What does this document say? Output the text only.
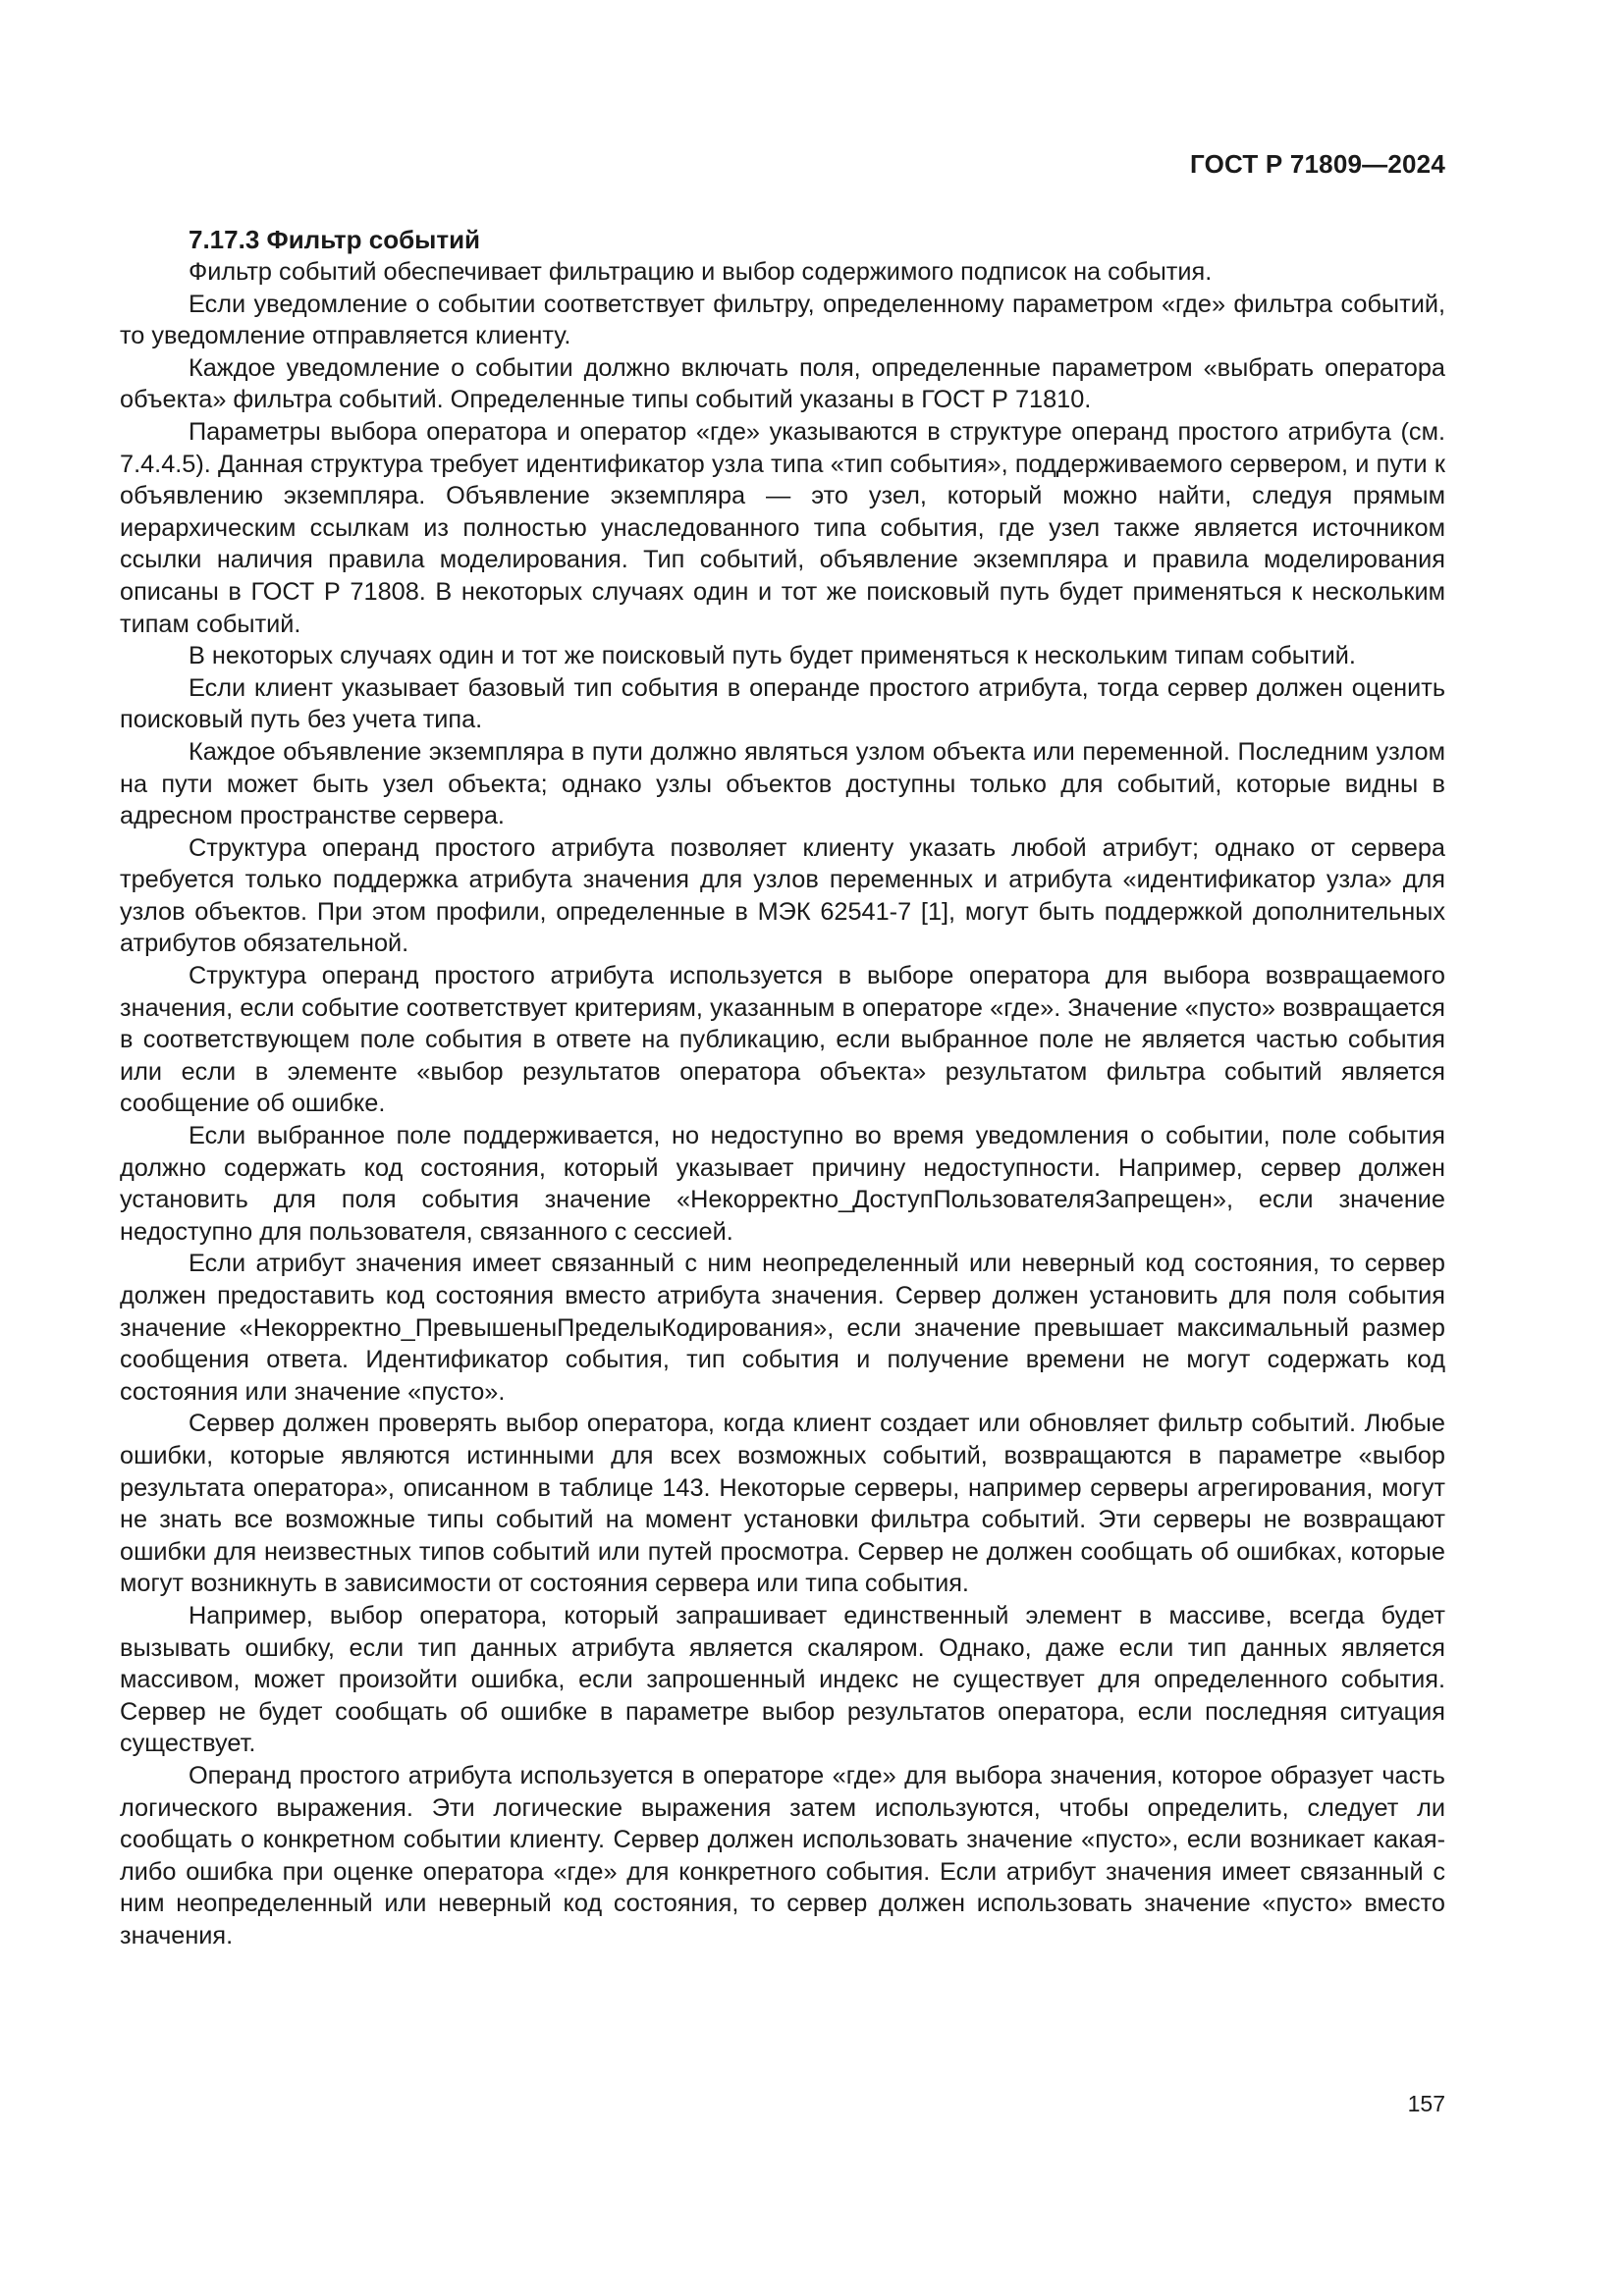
ГОСТ Р 71809—2024
7.17.3 Фильтр событий

Фильтр событий обеспечивает фильтрацию и выбор содержимого подписок на события.

Если уведомление о событии соответствует фильтру, определенному параметром «где» фильтра событий, то уведомление отправляется клиенту.

Каждое уведомление о событии должно включать поля, определенные параметром «выбрать оператора объекта» фильтра событий. Определенные типы событий указаны в ГОСТ Р 71810.

Параметры выбора оператора и оператор «где» указываются в структуре операнд простого атрибута (см. 7.4.4.5). Данная структура требует идентификатор узла типа «тип события», поддерживаемого сервером, и пути к объявлению экземпляра. Объявление экземпляра — это узел, который можно найти, следуя прямым иерархическим ссылкам из полностью унаследованного типа события, где узел также является источником ссылки наличия правила моделирования. Тип событий, объявление экземпляра и правила моделирования описаны в ГОСТ Р 71808. В некоторых случаях один и тот же поисковый путь будет применяться к нескольким типам событий.

В некоторых случаях один и тот же поисковый путь будет применяться к нескольким типам событий.

Если клиент указывает базовый тип события в операнде простого атрибута, тогда сервер должен оценить поисковый путь без учета типа.

Каждое объявление экземпляра в пути должно являться узлом объекта или переменной. Последним узлом на пути может быть узел объекта; однако узлы объектов доступны только для событий, которые видны в адресном пространстве сервера.

Структура операнд простого атрибута позволяет клиенту указать любой атрибут; однако от сервера требуется только поддержка атрибута значения для узлов переменных и атрибута «идентификатор узла» для узлов объектов. При этом профили, определенные в МЭК 62541-7 [1], могут быть поддержкой дополнительных атрибутов обязательной.

Структура операнд простого атрибута используется в выборе оператора для выбора возвращаемого значения, если событие соответствует критериям, указанным в операторе «где». Значение «пусто» возвращается в соответствующем поле события в ответе на публикацию, если выбранное поле не является частью события или если в элементе «выбор результатов оператора объекта» результатом фильтра событий является сообщение об ошибке.

Если выбранное поле поддерживается, но недоступно во время уведомления о событии, поле события должно содержать код состояния, который указывает причину недоступности. Например, сервер должен установить для поля события значение «Некорректно_ДоступПользователяЗапрещен», если значение недоступно для пользователя, связанного с сессией.

Если атрибут значения имеет связанный с ним неопределенный или неверный код состояния, то сервер должен предоставить код состояния вместо атрибута значения. Сервер должен установить для поля события значение «Некорректно_ПревышеныПределыКодирования», если значение превышает максимальный размер сообщения ответа. Идентификатор события, тип события и получение времени не могут содержать код состояния или значение «пусто».

Сервер должен проверять выбор оператора, когда клиент создает или обновляет фильтр событий. Любые ошибки, которые являются истинными для всех возможных событий, возвращаются в параметре «выбор результата оператора», описанном в таблице 143. Некоторые серверы, например серверы агрегирования, могут не знать все возможные типы событий на момент установки фильтра событий. Эти серверы не возвращают ошибки для неизвестных типов событий или путей просмотра. Сервер не должен сообщать об ошибках, которые могут возникнуть в зависимости от состояния сервера или типа события.

Например, выбор оператора, который запрашивает единственный элемент в массиве, всегда будет вызывать ошибку, если тип данных атрибута является скаляром. Однако, даже если тип данных является массивом, может произойти ошибка, если запрошенный индекс не существует для определенного события. Сервер не будет сообщать об ошибке в параметре выбор результатов оператора, если последняя ситуация существует.

Операнд простого атрибута используется в операторе «где» для выбора значения, которое образует часть логического выражения. Эти логические выражения затем используются, чтобы определить, следует ли сообщать о конкретном событии клиенту. Сервер должен использовать значение «пусто», если возникает какая-либо ошибка при оценке оператора «где» для конкретного события. Если атрибут значения имеет связанный с ним неопределенный или неверный код состояния, то сервер должен использовать значение «пусто» вместо значения.

157
